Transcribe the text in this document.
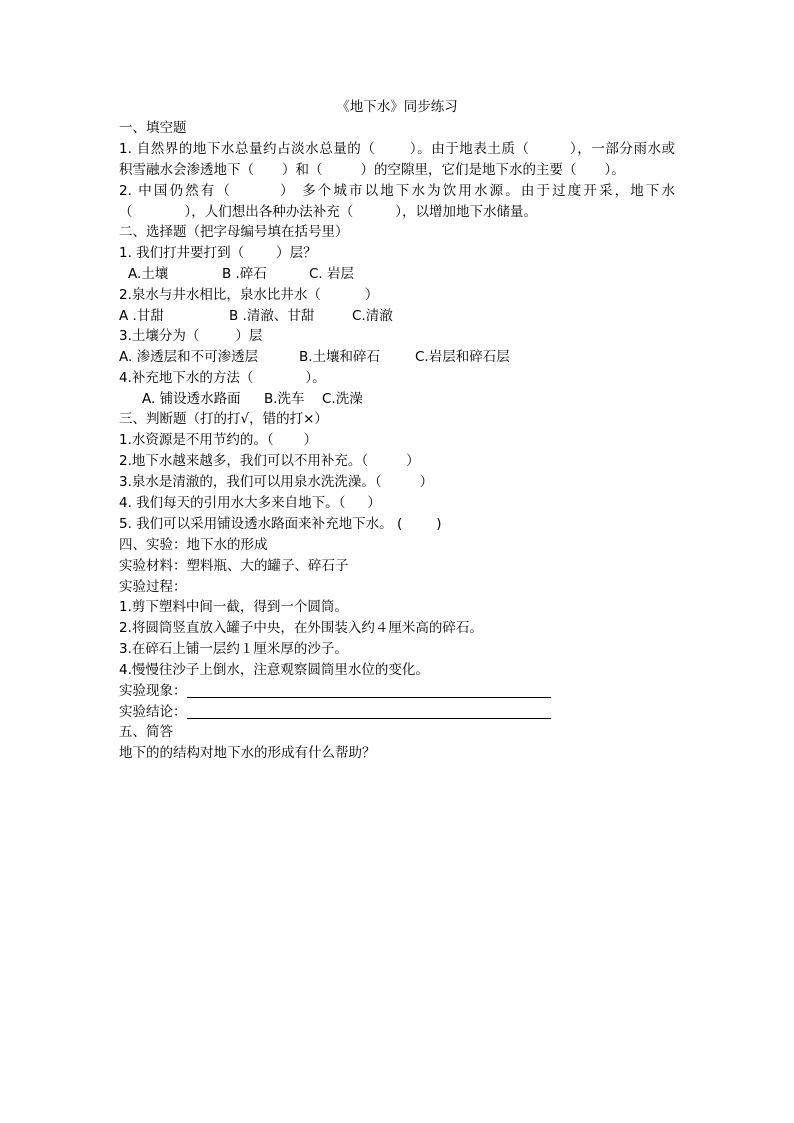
《地下水》同步练习
一、填空题
1. 自然界的地下水总量约占淡水总量的（	）。由于地表土质（	），一部分雨水或
积雪融水会渗透地下（ ）和（	）的空隙里，它们是地下水的主要（ ）。
2. 中国仍然有（	） 多个城市以地下水为饮用水源。由于过度开采，地下水
（	），人们想出各种办法补充（	），以增加地下水储量。
二、选择题（把字母编号填在括号里）
1. 我们打井要打到（ ）层？
A.土壤	B .碎石	C. 岩层
2.泉水与井水相比，泉水比井水（	）
A .甘甜	B .清澈、甘甜	C.清澈
3.土壤分为（	）层
A. 渗透层和不可渗透层	B.土壤和碎石	C.岩层和碎石层
4.补充地下水的方法（	）。
A. 铺设透水路面 B.洗车 C.洗澡
三、判断题（打的打√，错的打×）
1.水资源是不用节约的。（ ）
2.地下水越来越多，我们可以不用补充。（	）
3.泉水是清澈的，我们可以用泉水洗洗澡。（	）
4. 我们每天的引用水大多来自地下。（ ）
5. 我们可以采用铺设透水路面来补充地下水。 (	)
四、实验：地下水的形成
实验材料：塑料瓶、大的罐子、碎石子
实验过程：
1.剪下塑料中间一截，得到一个圆筒。
2.将圆筒竖直放入罐子中央，在外围装入约４厘米高的碎石。
3.在碎石上铺一层约１厘米厚的沙子。
4.慢慢往沙子上倒水，注意观察圆筒里水位的变化。
实验现象：
实验结论：
五、简答
地下的的结构对地下水的形成有什么帮助？
